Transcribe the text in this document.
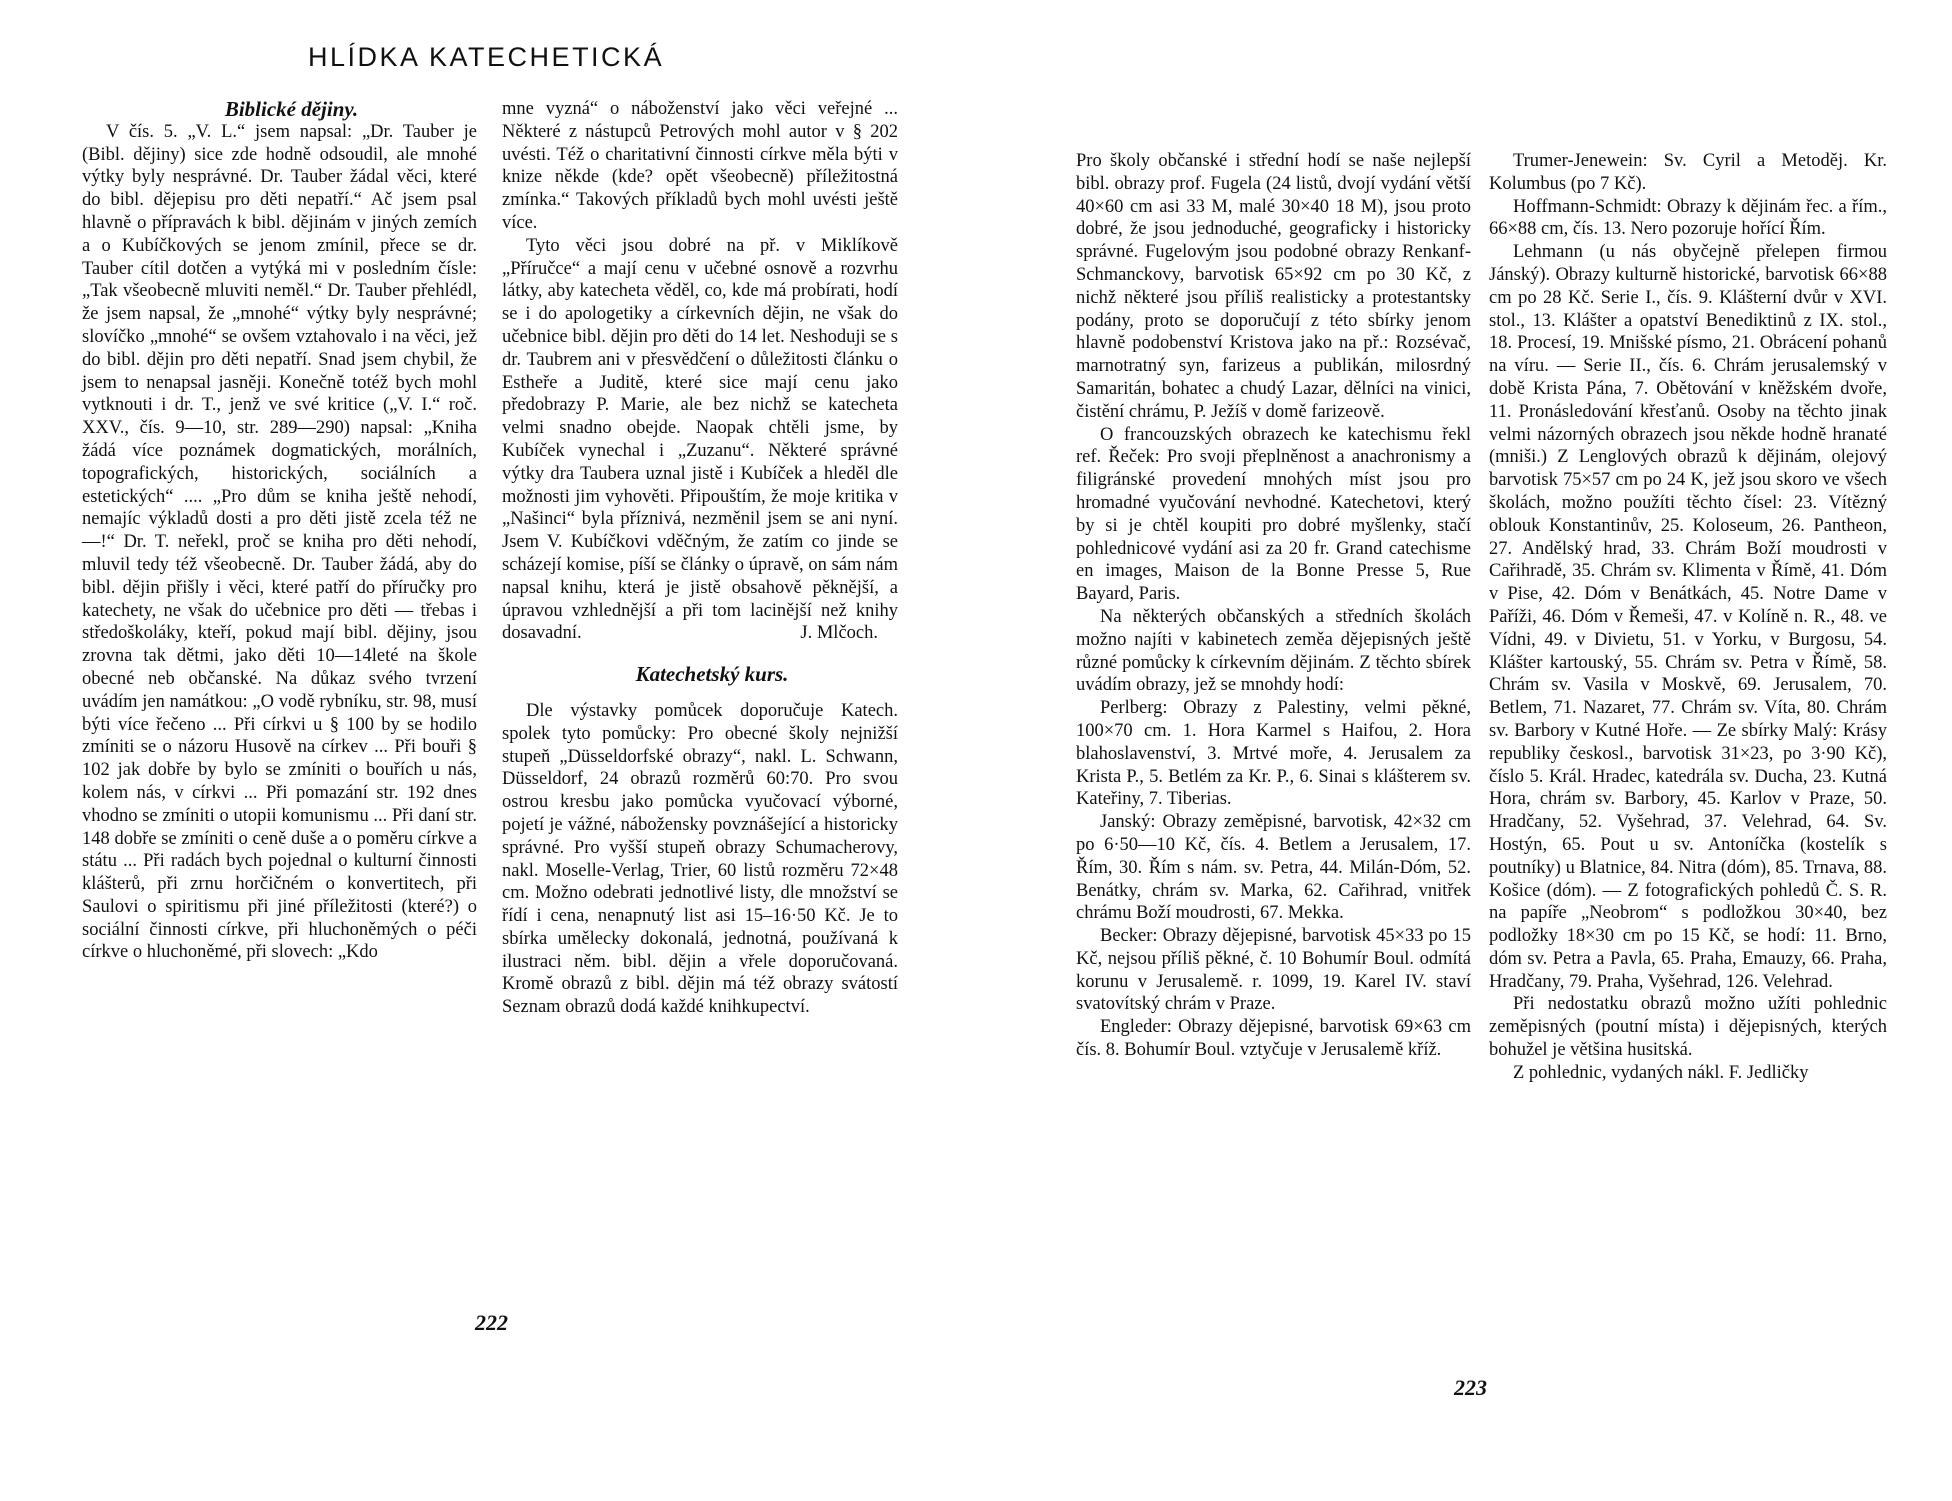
HLÍDKA KATECHETICKÁ

Biblické dějiny.

V čís. 5. „V. L.“ jsem napsal: „Dr. Tauber je (Bibl. dějiny) sice zde hodně odsoudil, ale mnohé výtky byly nesprávné. Dr. Tauber žádal věci, které do bibl. dějepisu pro děti nepatří.“ Ač jsem psal hlavně o přípravách k bibl. dějinám v jiných zemích a o Kubíčkových se jenom zmínil, přece se dr. Tauber cítil dotčen a vytýká mi v posledním čísle: „Tak všeobecně mluviti neměl.“ Dr. Tauber přehlédl, že jsem napsal, že „mnohé“ výtky byly nesprávné; slovíčko „mnohé“ se ovšem vztahovalo i na věci, jež do bibl. dějin pro děti nepatří. Snad jsem chybil, že jsem to nenapsal jasněji. Konečně totéž bych mohl vytknouti i dr. T., jenž ve své kritice („V. I.“ roč. XXV., čís. 9—10, str. 289—290) napsal: „Kniha žádá více poznámek dogmatických, morálních, topografických, historických, sociálních a estetických“ .... „Pro dům se kniha ještě nehodí, nemajíc výkladů dosti a pro děti jistě zcela též ne —!“ Dr. T. neřekl, proč se kniha pro děti nehodí, mluvil tedy též všeobecně. Dr. Tauber žádá, aby do bibl. dějin přišly i věci, které patří do příručky pro katechety, ne však do učebnice pro děti — třebas i středoškoláky, kteří, pokud mají bibl. dějiny, jsou zrovna tak dětmi, jako děti 10—14leté na škole obecné neb občanské. Na důkaz svého tvrzení uvádím jen namátkou: „O vodě rybníku, str. 98, musí býti více řečeno ... Při církvi u § 100 by se hodilo zmíniti se o názoru Husově na církev ... Při bouři § 102 jak dobře by bylo se zmíniti o bouřích u nás, kolem nás, v církvi ... Při pomazání str. 192 dnes vhodno se zmíniti o utopii komunismu ... Při daní str. 148 dobře se zmíniti o ceně duše a o poměru církve a státu ... Při radách bych pojednal o kulturní činnosti klášterů, při zrnu horčičném o konvertitech, při Saulovi o spiritismu při jiné příležitosti (které?) o sociální činnosti církve, při hluchoněmých o péči církve o hluchoněmé, při slovech: „Kdo

mne vyzná“ o náboženství jako věci veřejné ... Některé z nástupců Petrových mohl autor v § 202 uvésti. Též o charitativní činnosti církve měla býti v knize někde (kde? opět všeobecně) příležitostná zmínka.“ Takových příkladů bych mohl uvésti ještě více.

Tyto věci jsou dobré na př. v Miklíkově „Příručce“ a mají cenu v učebné osnově a rozvrhu látky, aby katecheta věděl, co, kde má probírati, hodí se i do apologetiky a církevních dějin, ne však do učebnice bibl. dějin pro děti do 14 let. Neshoduji se s dr. Taubrem ani v přesvědčení o důležitosti článku o Estheře a Juditě, které sice mají cenu jako předobrazy P. Marie, ale bez nichž se katecheta velmi snadno obejde. Naopak chtěli jsme, by Kubíček vynechal i „Zuzanu“. Některé správné výtky dra Taubera uznal jistě i Kubíček a hleděl dle možnosti jim vyhověti. Připouštím, že moje kritika v „Našinci“ byla příznivá, nezměnil jsem se ani nyní. Jsem V. Kubíčkovi vděčným, že zatím co jinde se scházejí komise, píší se články o úpravě, on sám nám napsal knihu, která je jistě obsahově pěknější, a úpravou vzhlednější a při tom lacinější než knihy dosavadní.	J. Mlčoch.

Katechetský kurs.

Dle výstavky pomůcek doporučuje Katech. spolek tyto pomůcky: Pro obecné školy nejnižší stupeň „Düsseldorfské obrazy“, nakl. L. Schwann, Düsseldorf, 24 obrazů rozměrů 60:70. Pro svou ostrou kresbu jako pomůcka vyučovací výborné, pojetí je vážné, nábožensky povznášející a historicky správné. Pro vyšší stupeň obrazy Schumacherovy, nakl. Moselle-Verlag, Trier, 60 listů rozměru 72×48 cm. Možno odebrati jednotlivé listy, dle množství se řídí i cena, nenapnutý list asi 15–16·50 Kč. Je to sbírka umělecky dokonalá, jednotná, používaná k ilustraci něm. bibl. dějin a vřele doporučovaná. Kromě obrazů z bibl. dějin má též obrazy svátostí Seznam obrazů dodá každé knihkupectví.

222

Pro školy občanské i střední hodí se naše nejlepší bibl. obrazy prof. Fugela (24 listů, dvojí vydání větší 40×60 cm asi 33 M, malé 30×40 18 M), jsou proto dobré, že jsou jednoduché, geograficky i historicky správné. Fugelovým jsou podobné obrazy Renkanf-Schmanckovy, barvotisk 65×92 cm po 30 Kč, z nichž některé jsou příliš realisticky a protestantsky podány, proto se doporučují z této sbírky jenom hlavně podobenství Kristova jako na př.: Rozsévač, marnotratný syn, farizeus a publikán, milosrdný Samaritán, bohatec a chudý Lazar, dělníci na vinici, čistění chrámu, P. Ježíš v domě farizeově.

O francouzských obrazech ke katechismu řekl ref. Řeček: Pro svoji přeplněnost a anachronismy a filigránské provedení mnohých míst jsou pro hromadné vyučování nevhodné. Katechetovi, který by si je chtěl koupiti pro dobré myšlenky, stačí pohlednicové vydání asi za 20 fr. Grand catechisme en images, Maison de la Bonne Presse 5, Rue Bayard, Paris.

Na některých občanských a středních školách možno najíti v kabinetech zeměa dějepisných ještě různé pomůcky k církevním dějinám. Z těchto sbírek uvádím obrazy, jež se mnohdy hodí:

Perlberg: Obrazy z Palestiny, velmi pěkné, 100×70 cm. 1. Hora Karmel s Haifou, 2. Hora blahoslavenství, 3. Mrtvé moře, 4. Jerusalem za Krista P., 5. Betlém za Kr. P., 6. Sinai s klášterem sv. Kateřiny, 7. Tiberias.

Janský: Obrazy zeměpisné, barvotisk, 42×32 cm po 6·50—10 Kč, čís. 4. Betlem a Jerusalem, 17. Řím, 30. Řím s nám. sv. Petra, 44. Milán-Dóm, 52. Benátky, chrám sv. Marka, 62. Cařihrad, vnitřek chrámu Boží moudrosti, 67. Mekka.

Becker: Obrazy dějepisné, barvotisk 45×33 po 15 Kč, nejsou příliš pěkné, č. 10 Bohumír Boul. odmítá korunu v Jerusalemě. r. 1099, 19. Karel IV. staví svatovítský chrám v Praze.

Engleder: Obrazy dějepisné, barvotisk 69×63 cm čís. 8. Bohumír Boul. vztyčuje v Jerusalemě kříž.

Trumer-Jenewein: Sv. Cyril a Metoděj. Kr. Kolumbus (po 7 Kč).

Hoffmann-Schmidt: Obrazy k dějinám řec. a řím., 66×88 cm, čís. 13. Nero pozoruje hořící Řím.

Lehmann (u nás obyčejně přelepen firmou Jánský). Obrazy kulturně historické, barvotisk 66×88 cm po 28 Kč. Serie I., čís. 9. Klášterní dvůr v XVI. stol., 13. Klášter a opatství Benediktinů z IX. stol., 18. Procesí, 19. Mnišské písmo, 21. Obrácení pohanů na víru. — Serie II., čís. 6. Chrám jerusalemský v době Krista Pána, 7. Obětování v kněžském dvoře, 11. Pronásledování křesťanů. Osoby na těchto jinak velmi názorných obrazech jsou někde hodně hranaté (mniši.) Z Lenglových obrazů k dějinám, olejový barvotisk 75×57 cm po 24 K, jež jsou skoro ve všech školách, možno použíti těchto čísel: 23. Vítězný oblouk Konstantinův, 25. Koloseum, 26. Pantheon, 27. Andělský hrad, 33. Chrám Boží moudrosti v Cařihradě, 35. Chrám sv. Klimenta v Římě, 41. Dóm v Pise, 42. Dóm v Benátkách, 45. Notre Dame v Paříži, 46. Dóm v Řemeši, 47. v Kolíně n. R., 48. ve Vídni, 49. v Divietu, 51. v Yorku, v Burgosu, 54. Klášter kartouský, 55. Chrám sv. Petra v Římě, 58. Chrám sv. Vasila v Moskvě, 69. Jerusalem, 70. Betlem, 71. Nazaret, 77. Chrám sv. Víta, 80. Chrám sv. Barbory v Kutné Hoře. — Ze sbírky Malý: Krásy republiky českosl., barvotisk 31×23, po 3·90 Kč), číslo 5. Král. Hradec, katedrála sv. Ducha, 23. Kutná Hora, chrám sv. Barbory, 45. Karlov v Praze, 50. Hradčany, 52. Vyšehrad, 37. Velehrad, 64. Sv. Hostýn, 65. Pout u sv. Antoníčka (kostelík s poutníky) u Blatnice, 84. Nitra (dóm), 85. Trnava, 88. Košice (dóm). — Z fotografických pohledů Č. S. R. na papíře „Neobrom“ s podložkou 30×40, bez podložky 18×30 cm po 15 Kč, se hodí: 11. Brno, dóm sv. Petra a Pavla, 65. Praha, Emauzy, 66. Praha, Hradčany, 79. Praha, Vyšehrad, 126. Velehrad.

Při nedostatku obrazů možno užíti pohlednic zeměpisných (poutní místa) i dějepisných, kterých bohužel je většina husitská.

Z pohlednic, vydaných nákl. F. Jedličky

223
